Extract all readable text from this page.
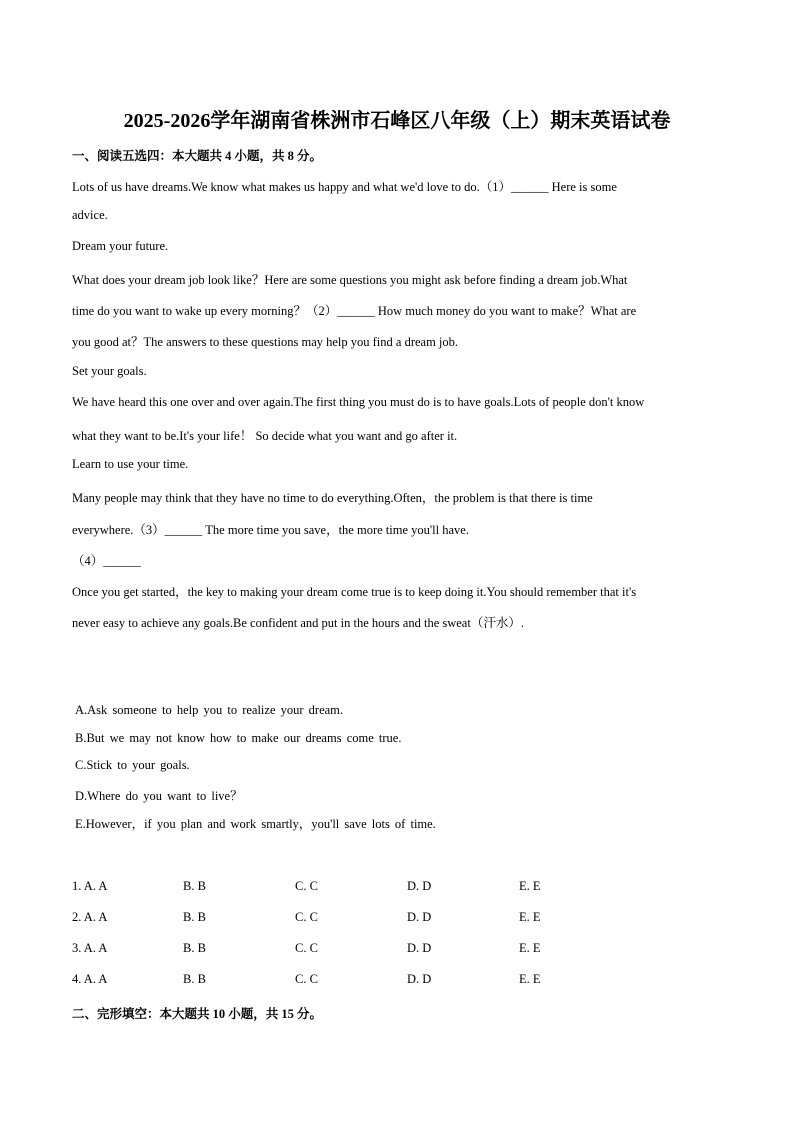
2025-2026学年湖南省株洲市石峰区八年级（上）期末英语试卷
一、阅读五选四：本大题共 4 小题，共 8 分。
Lots of us have dreams.We know what makes us happy and what we'd love to do.（1）______ Here is some
advice.
Dream your future.
What does your dream job look like？Here are some questions you might ask before finding a dream job.What
time do you want to wake up every morning？（2）______ How much money do you want to make？What are
you good at？The answers to these questions may help you find a dream job.
Set your goals.
We have heard this one over and over again.The first thing you must do is to have goals.Lots of people don't know
what they want to be.It's your life！ So decide what you want and go after it.
Learn to use your time.
Many people may think that they have no time to do everything.Often，the problem is that there is time
everywhere.（3）______ The more time you save，the more time you'll have.
（4）______
Once you get started，the key to making your dream come true is to keep doing it.You should remember that it's
never easy to achieve any goals.Be confident and put in the hours and the sweat（汗水）.
A.Ask someone to help you to realize your dream.
B.But we may not know how to make our dreams come true.
C.Stick to your goals.
D.Where do you want to live？
E.However，if you plan and work smartly，you'll save lots of time.
1. A. A	B. B	C. C	D. D	E. E
2. A. A	B. B	C. C	D. D	E. E
3. A. A	B. B	C. C	D. D	E. E
4. A. A	B. B	C. C	D. D	E. E
二、完形填空：本大题共 10 小题，共 15 分。
